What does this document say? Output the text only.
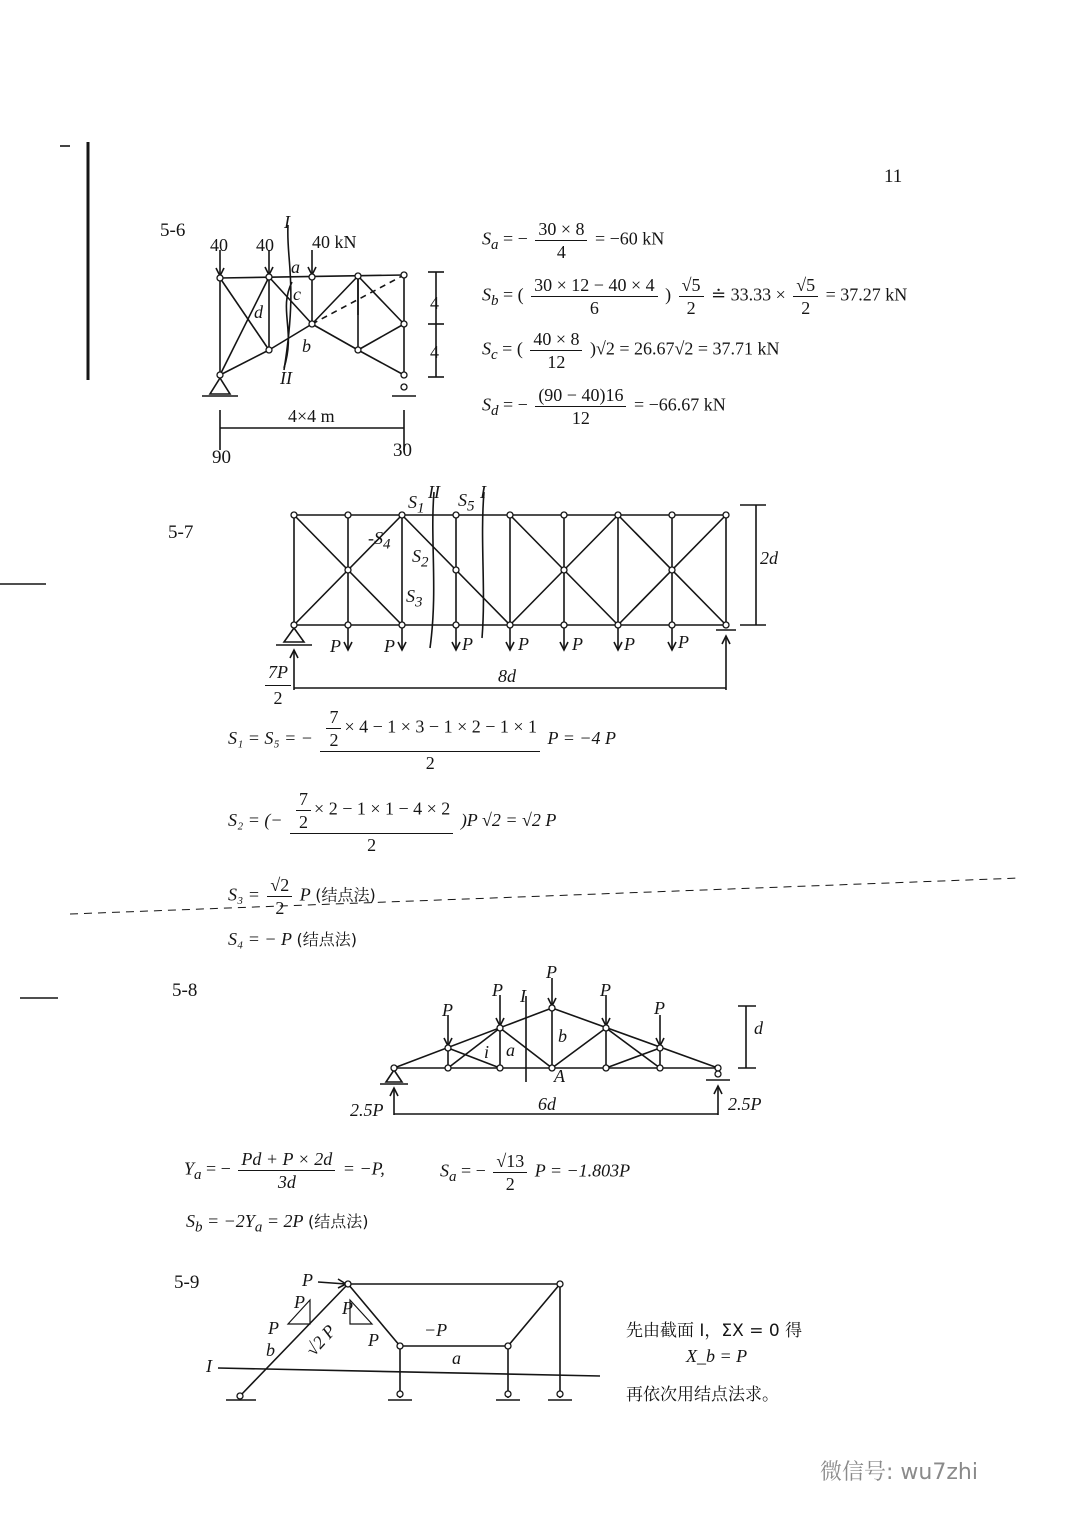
11
5-6
40 40 40 kN
I
II
a
c
d
b
4
4
4×4 m
90	30
$S_a$ = − $\frac{30 \times 8}{4} = -60$ kN
$S_b$ = ( $\frac{30 \times 12 - 40 \times 4}{6}$ ) $\frac{√5}{2}$ ≐ $33.33 \times \frac{√5}{2} = 37.27$ kN
$S_c$ = ( $\frac{40 \times 8}{12} )√2 = 26.67√2 = 37.71$ kN
$S_d$ = − $\frac{(90 - 40)16}{12} = -66.67$ kN
5-7
$S_1$
II $S_5$
I
$-S_4$
$S_2$
$S_3$
2d
P P	P	P P P P
$\frac{7P}{2}$	8d
S₁ = S₅ = − $\frac{\frac{7}{2} \times 4 - 1 \times 3 - 1 \times 2 - 1 \times 1}{2}$ P = −4 P
S₂ = (− $\frac{\frac{7}{2} \times 2 - 1 \times 1 - 4 \times 2}{2} )P$ √2 = √2 P
$S_3 = \frac{√2}{2}$ P (结点法)
S₄ = − P (结点法)
5-8
P
P
P
P
P
I
i a
b
A
d
2.5P	6d	2.5P
$Y_a$ = − $\frac{Pd + P \times 2d}{3d} = -P$,	$S_a$ = − $\frac{√13}{2}$ P = −1.803P
$S_b = -2Y_a = 2P$ (结点法)
5-9	P
I
b	a
P
P √2 P
P
P	−P	先由截面 I，ΣX = 0 得
X_b = P
再依次用结点法求。
微信号: wu7zhi
